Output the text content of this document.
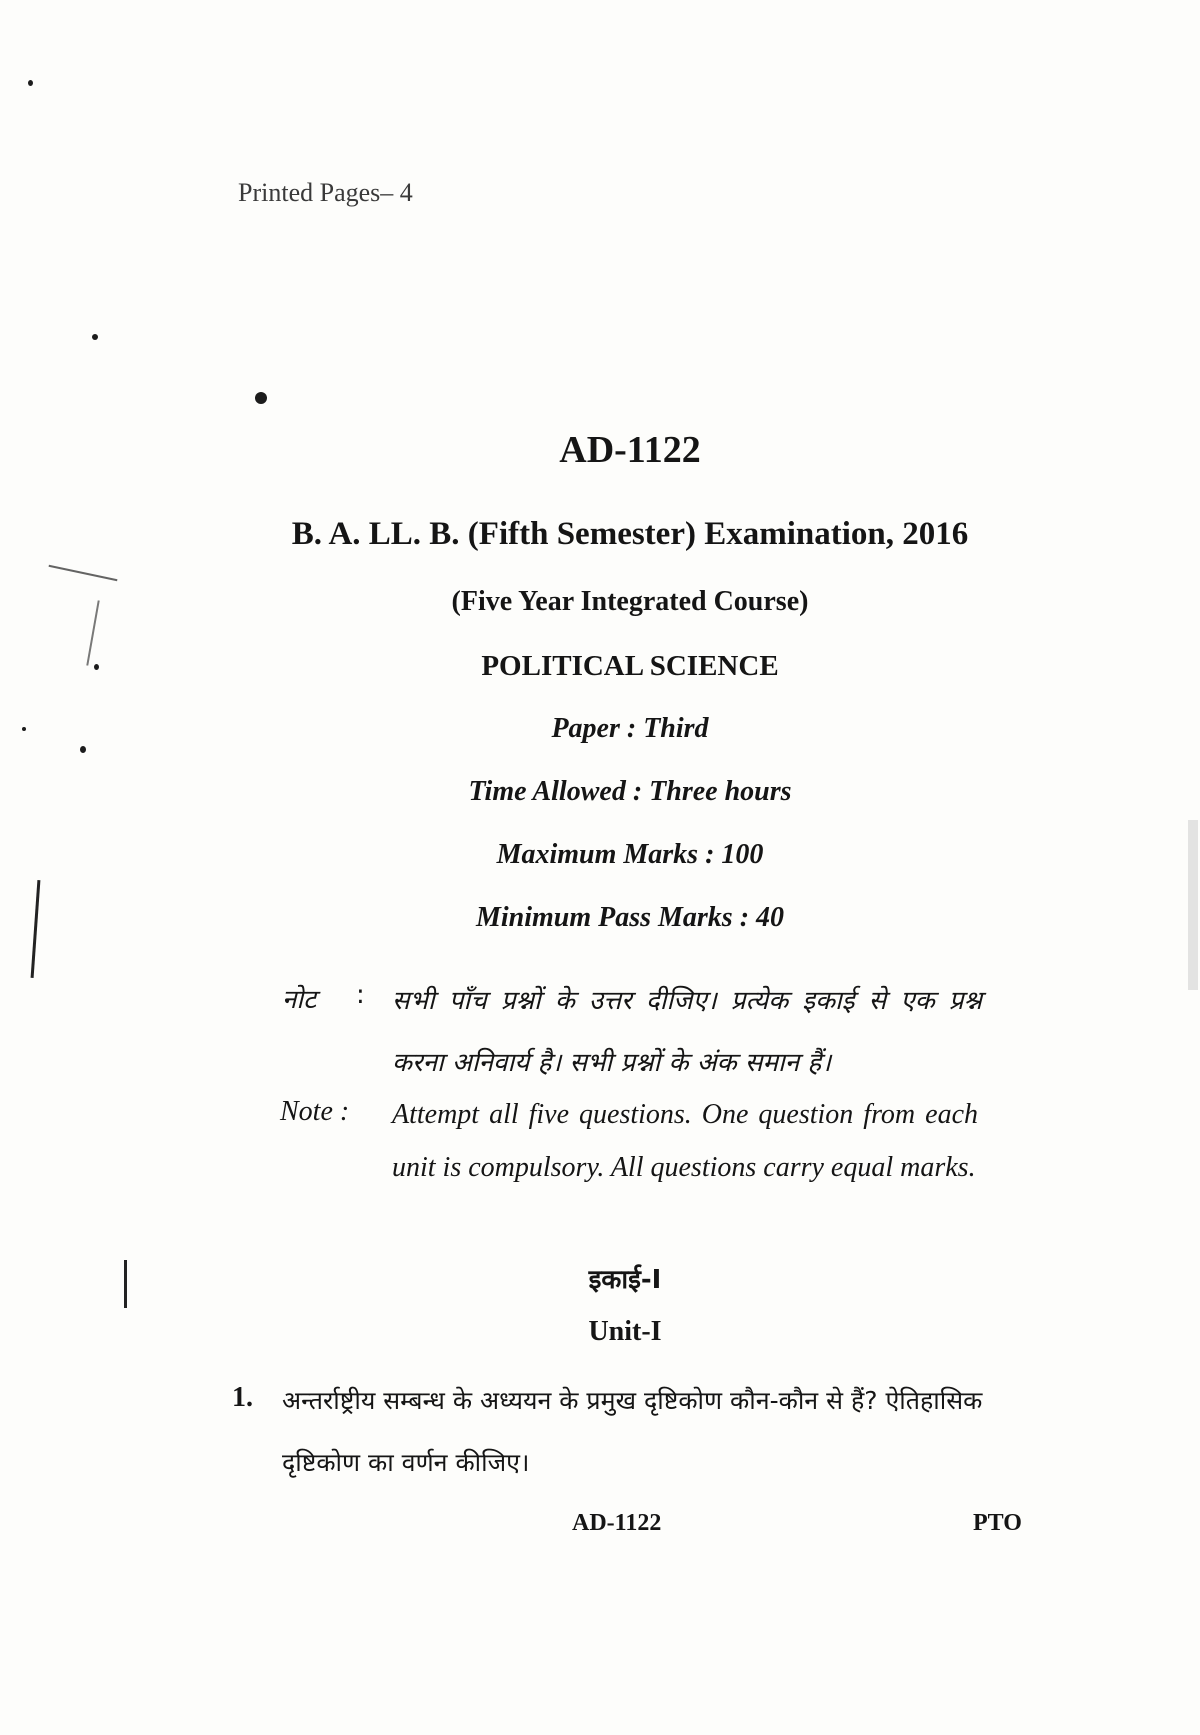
Printed Pages– 4
AD-1122
B. A. LL. B. (Fifth Semester) Examination, 2016
(Five Year Integrated Course)
POLITICAL SCIENCE
Paper : Third
Time Allowed : Three hours
Maximum Marks : 100
Minimum Pass Marks : 40
नोट : सभी पाँच प्रश्नों के उत्तर दीजिए। प्रत्येक इकाई से एक प्रश्न करना अनिवार्य है। सभी प्रश्नों के अंक समान हैं।
Note : Attempt all five questions. One question from each unit is compulsory. All questions carry equal marks.
इकाई-I
Unit-I
1. अन्तर्राष्ट्रीय सम्बन्ध के अध्ययन के प्रमुख दृष्टिकोण कौन-कौन से हैं? ऐतिहासिक दृष्टिकोण का वर्णन कीजिए।
AD-1122	PTO
